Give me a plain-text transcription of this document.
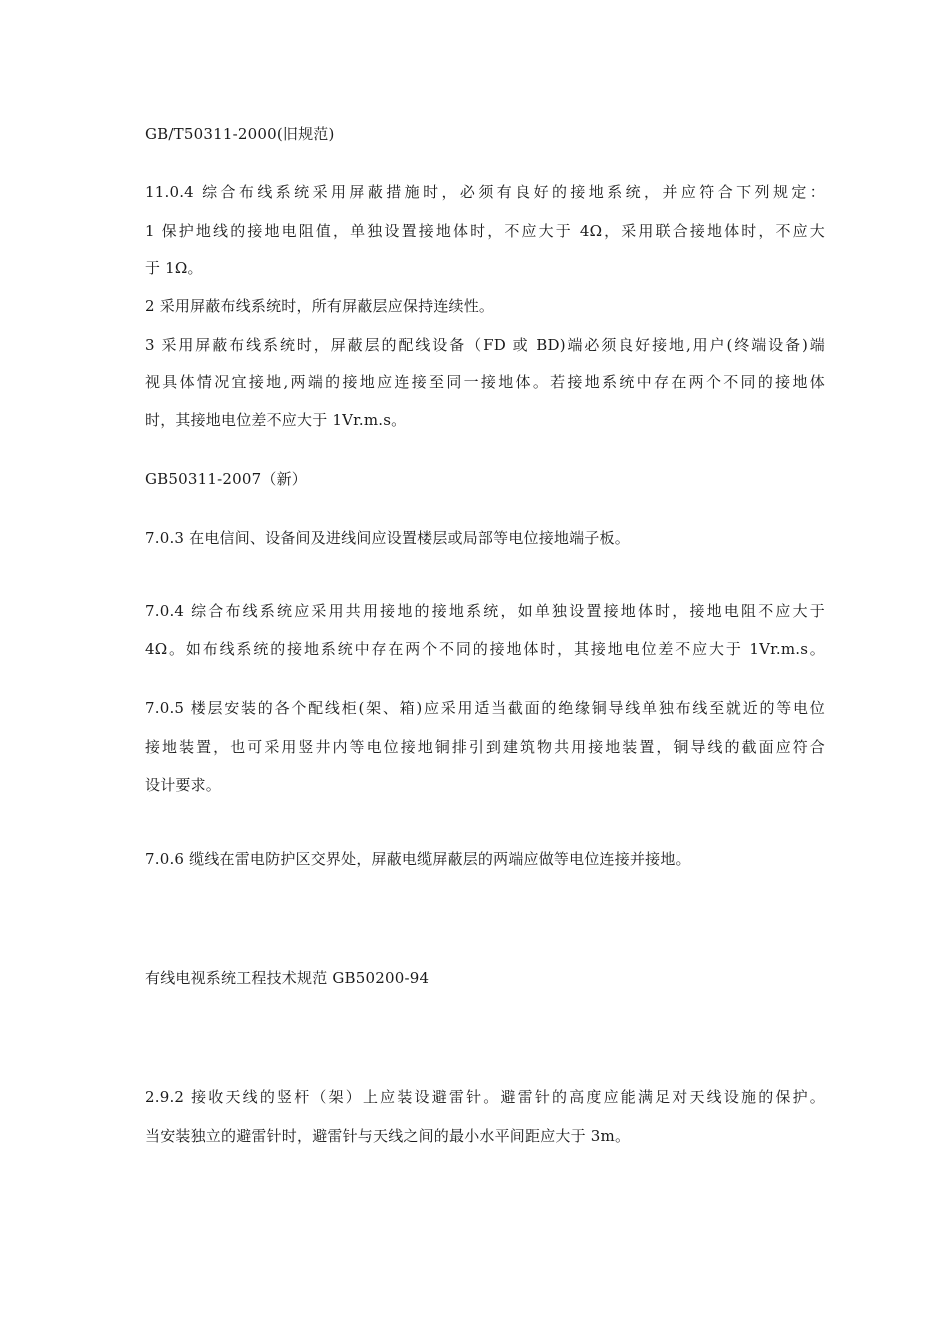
GB/T50311-2000(旧规范)
11.0.4 综合布线系统采用屏蔽措施时，必须有良好的接地系统，并应符合下列规定：
1 保护地线的接地电阻值，单独设置接地体时，不应大于 4Ω，采用联合接地体时，不应大
于 1Ω。
2 采用屏蔽布线系统时，所有屏蔽层应保持连续性。
3 采用屏蔽布线系统时，屏蔽层的配线设备（FD 或 BD)端必须良好接地,用户(终端设备)端
视具体情况宜接地,两端的接地应连接至同一接地体。若接地系统中存在两个不同的接地体
时，其接地电位差不应大于 1Vr.m.s。
GB50311-2007（新）
7.0.3 在电信间、设备间及进线间应设置楼层或局部等电位接地端子板。
7.0.4 综合布线系统应采用共用接地的接地系统，如单独设置接地体时，接地电阻不应大于
4Ω。如布线系统的接地系统中存在两个不同的接地体时，其接地电位差不应大于 1Vr.m.s。
7.0.5 楼层安装的各个配线柜(架、箱)应采用适当截面的绝缘铜导线单独布线至就近的等电位
接地装置，也可采用竖井内等电位接地铜排引到建筑物共用接地装置，铜导线的截面应符合
设计要求。
7.0.6 缆线在雷电防护区交界处，屏蔽电缆屏蔽层的两端应做等电位连接并接地。
有线电视系统工程技术规范 GB50200-94
2.9.2 接收天线的竖杆（架）上应装设避雷针。避雷针的高度应能满足对天线设施的保护。
当安装独立的避雷针时，避雷针与天线之间的最小水平间距应大于 3m。
